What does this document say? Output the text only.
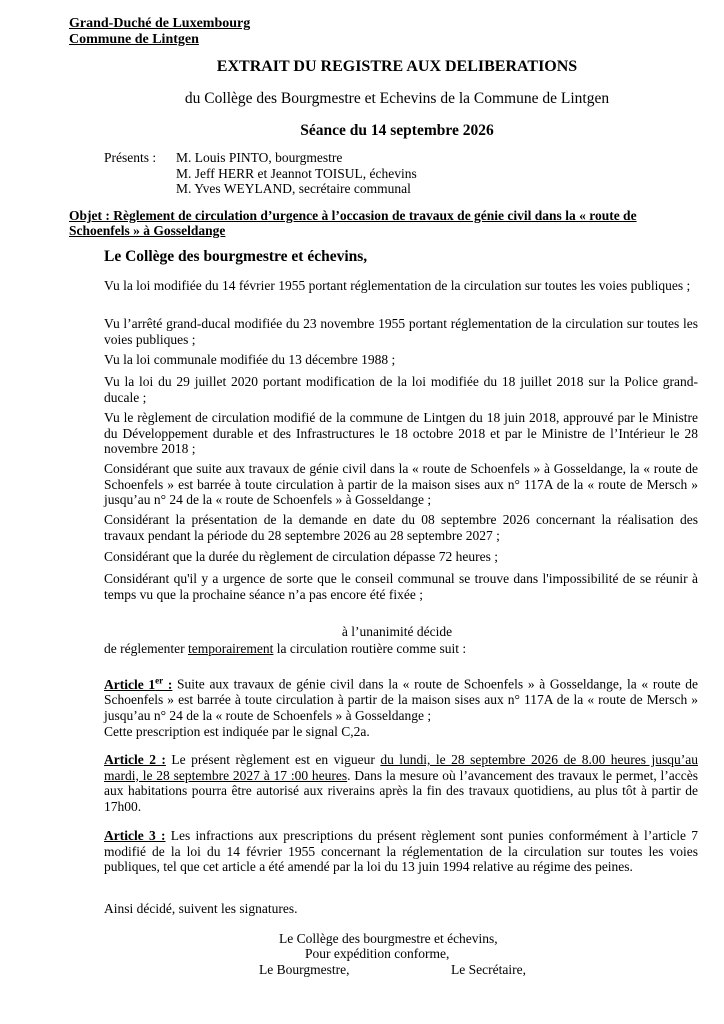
Grand-Duché de Luxembourg
Commune de Lintgen
EXTRAIT DU REGISTRE AUX DELIBERATIONS
du Collège des Bourgmestre et Echevins de la Commune de Lintgen
Séance du 14 septembre 2026
Présents : M. Louis PINTO, bourgmestre
M. Jeff HERR et Jeannot TOISUL, échevins
M. Yves WEYLAND, secrétaire communal
Objet : Règlement de circulation d’urgence à l’occasion de travaux de génie civil dans la « route de Schoenfels » à Gosseldange
Le Collège des bourgmestre et échevins,
Vu la loi modifiée du 14 février 1955 portant réglementation de la circulation sur toutes les voies publiques ;
Vu l’arrêté grand-ducal modifiée du 23 novembre 1955 portant réglementation de la circulation sur toutes les voies publiques ;
Vu la loi communale modifiée du 13 décembre 1988 ;
Vu la loi du 29 juillet 2020 portant modification de la loi modifiée du 18 juillet 2018 sur la Police grand-ducale ;
Vu le règlement de circulation modifié de la commune de Lintgen du 18 juin 2018, approuvé par le Ministre du Développement durable et des Infrastructures le 18 octobre 2018 et par le Ministre de l’Intérieur le 28 novembre 2018 ;
Considérant que suite aux travaux de génie civil dans la « route de Schoenfels » à Gosseldange, la « route de Schoenfels » est barrée à toute circulation à partir de la maison sises aux n° 117A de la « route de Mersch » jusqu’au n° 24 de la « route de Schoenfels » à Gosseldange ;
Considérant la présentation de la demande en date du 08 septembre 2026 concernant la réalisation des travaux pendant la période du 28 septembre 2026 au 28 septembre 2027 ;
Considérant que la durée du règlement de circulation dépasse 72 heures ;
Considérant qu'il y a urgence de sorte que le conseil communal se trouve dans l'impossibilité de se réunir à temps vu que la prochaine séance n’a pas encore été fixée ;
à l’unanimité décide
de réglementer temporairement la circulation routière comme suit :
Article 1er : Suite aux travaux de génie civil dans la « route de Schoenfels » à Gosseldange, la « route de Schoenfels » est barrée à toute circulation à partir de la maison sises aux n° 117A de la « route de Mersch » jusqu’au n° 24 de la « route de Schoenfels » à Gosseldange ;
Cette prescription est indiquée par le signal C,2a.
Article 2 : Le présent règlement est en vigueur du lundi, le 28 septembre 2026 de 8.00 heures jusqu’au mardi, le 28 septembre 2027 à 17 :00 heures. Dans la mesure où l’avancement des travaux le permet, l’accès aux habitations pourra être autorisé aux riverains après la fin des travaux quotidiens, au plus tôt à partir de 17h00.
Article 3 : Les infractions aux prescriptions du présent règlement sont punies conformément à l’article 7 modifié de la loi du 14 février 1955 concernant la réglementation de la circulation sur toutes les voies publiques, tel que cet article a été amendé par la loi du 13 juin 1994 relative au régime des peines.
Ainsi décidé, suivent les signatures.
Le Collège des bourgmestre et échevins,
Pour expédition conforme,
Le Bourgmestre,	Le Secrétaire,
